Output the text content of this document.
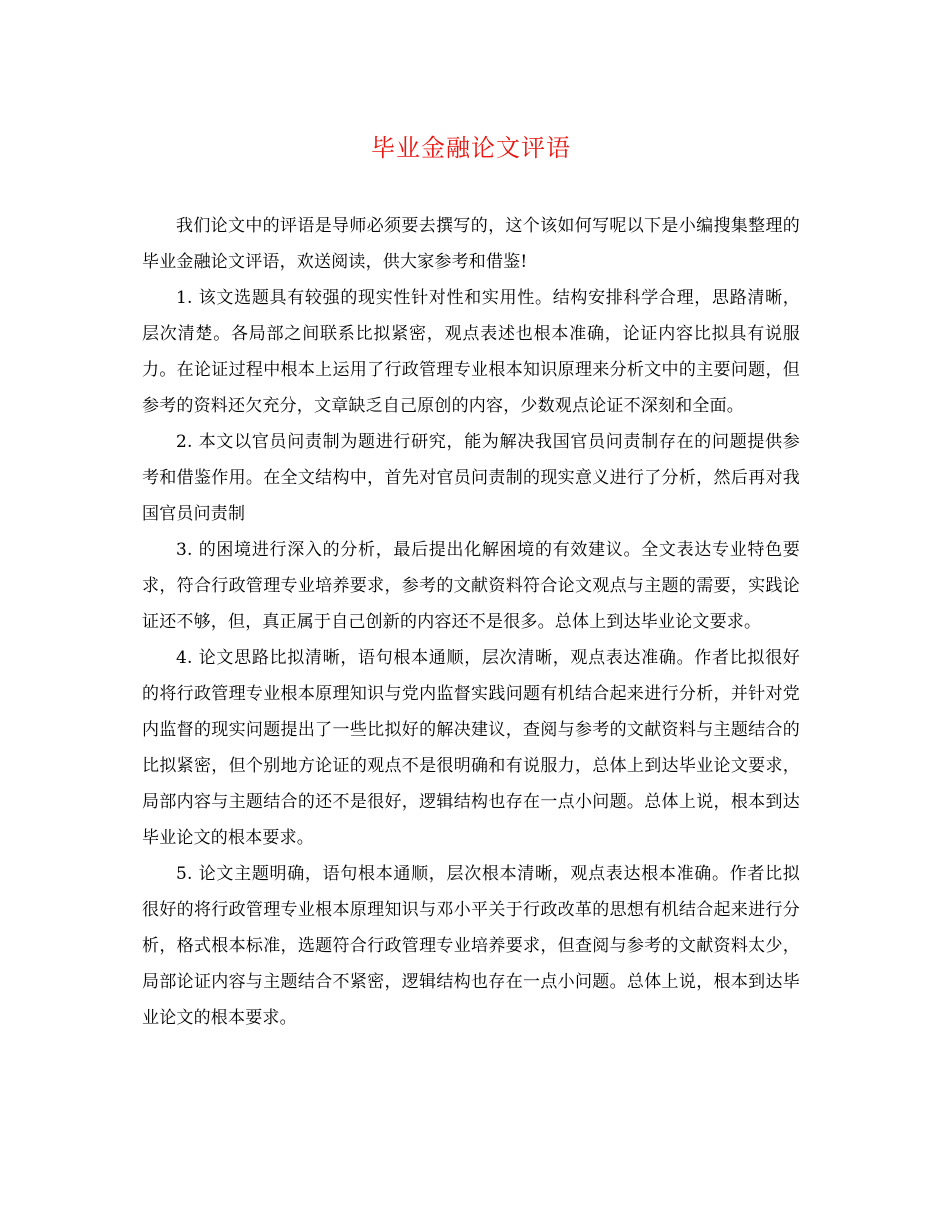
毕业金融论文评语

我们论文中的评语是导师必须要去撰写的，这个该如何写呢以下是小编搜集整理的毕业金融论文评语，欢送阅读，供大家参考和借鉴!

1. 该文选题具有较强的现实性针对性和实用性。结构安排科学合理，思路清晰，层次清楚。各局部之间联系比拟紧密，观点表述也根本准确，论证内容比拟具有说服力。在论证过程中根本上运用了行政管理专业根本知识原理来分析文中的主要问题，但参考的资料还欠充分，文章缺乏自己原创的内容，少数观点论证不深刻和全面。

2. 本文以官员问责制为题进行研究，能为解决我国官员问责制存在的问题提供参考和借鉴作用。在全文结构中，首先对官员问责制的现实意义进行了分析，然后再对我国官员问责制

3. 的困境进行深入的分析，最后提出化解困境的有效建议。全文表达专业特色要求，符合行政管理专业培养要求，参考的文献资料符合论文观点与主题的需要，实践论证还不够，但，真正属于自己创新的内容还不是很多。总体上到达毕业论文要求。

4. 论文思路比拟清晰，语句根本通顺，层次清晰，观点表达准确。作者比拟很好的将行政管理专业根本原理知识与党内监督实践问题有机结合起来进行分析，并针对党内监督的现实问题提出了一些比拟好的解决建议，查阅与参考的文献资料与主题结合的比拟紧密，但个别地方论证的观点不是很明确和有说服力，总体上到达毕业论文要求，局部内容与主题结合的还不是很好，逻辑结构也存在一点小问题。总体上说，根本到达毕业论文的根本要求。

5. 论文主题明确，语句根本通顺，层次根本清晰，观点表达根本准确。作者比拟很好的将行政管理专业根本原理知识与邓小平关于行政改革的思想有机结合起来进行分析，格式根本标准，选题符合行政管理专业培养要求，但查阅与参考的文献资料太少，局部论证内容与主题结合不紧密，逻辑结构也存在一点小问题。总体上说，根本到达毕业论文的根本要求。
